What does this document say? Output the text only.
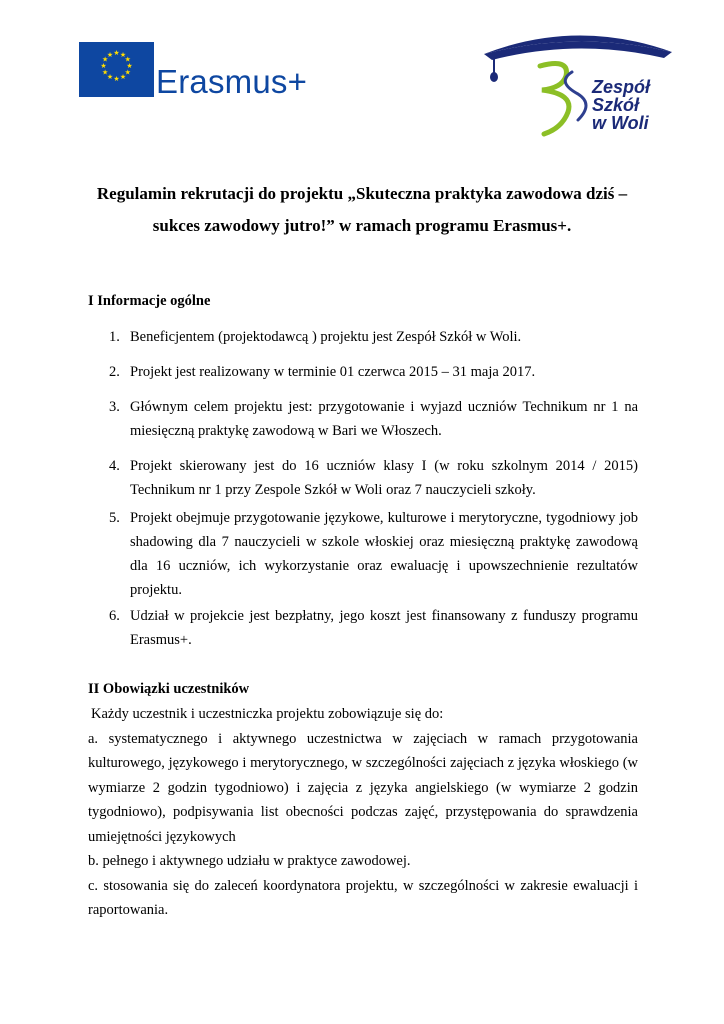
★ ★
★
★
★
★
★
★
★
★
★
★
Erasmus+	Zespół
Szkół
w Woli
Regulamin rekrutacji do projektu „Skuteczna praktyka zawodowa dziś –
sukces zawodowy jutro!” w ramach programu Erasmus+.
I Informacje ogólne
1. Beneficjentem (projektodawcą ) projektu jest Zespół Szkół w Woli.
2. Projekt jest realizowany w terminie 01 czerwca 2015 – 31 maja 2017.
3. Głównym celem projektu jest: przygotowanie i wyjazd uczniów Technikum nr 1 na miesięczną praktykę zawodową w Bari we Włoszech.
4. Projekt skierowany jest do 16 uczniów klasy I (w roku szkolnym 2014 / 2015) Technikum nr 1 przy Zespole Szkół w Woli oraz 7 nauczycieli szkoły.
5. Projekt obejmuje przygotowanie językowe, kulturowe i merytoryczne, tygodniowy job shadowing dla 7 nauczycieli w szkole włoskiej oraz miesięczną praktykę zawodową dla 16 uczniów, ich wykorzystanie oraz ewaluację i upowszechnienie rezultatów projektu.
6. Udział w projekcie jest bezpłatny, jego koszt jest finansowany z funduszy programu Erasmus+.
II Obowiązki uczestników
Każdy uczestnik i uczestniczka projektu zobowiązuje się do:
a. systematycznego i aktywnego uczestnictwa w zajęciach w ramach przygotowania kulturowego, językowego i merytorycznego, w szczególności zajęciach z języka włoskiego (w wymiarze 2 godzin tygodniowo) i zajęcia z języka angielskiego (w wymiarze 2 godzin tygodniowo), podpisywania list obecności podczas zajęć, przystępowania do sprawdzenia umiejętności językowych
b. pełnego i aktywnego udziału w praktyce zawodowej.
c. stosowania się do zaleceń koordynatora projektu, w szczególności w zakresie ewaluacji i raportowania.
